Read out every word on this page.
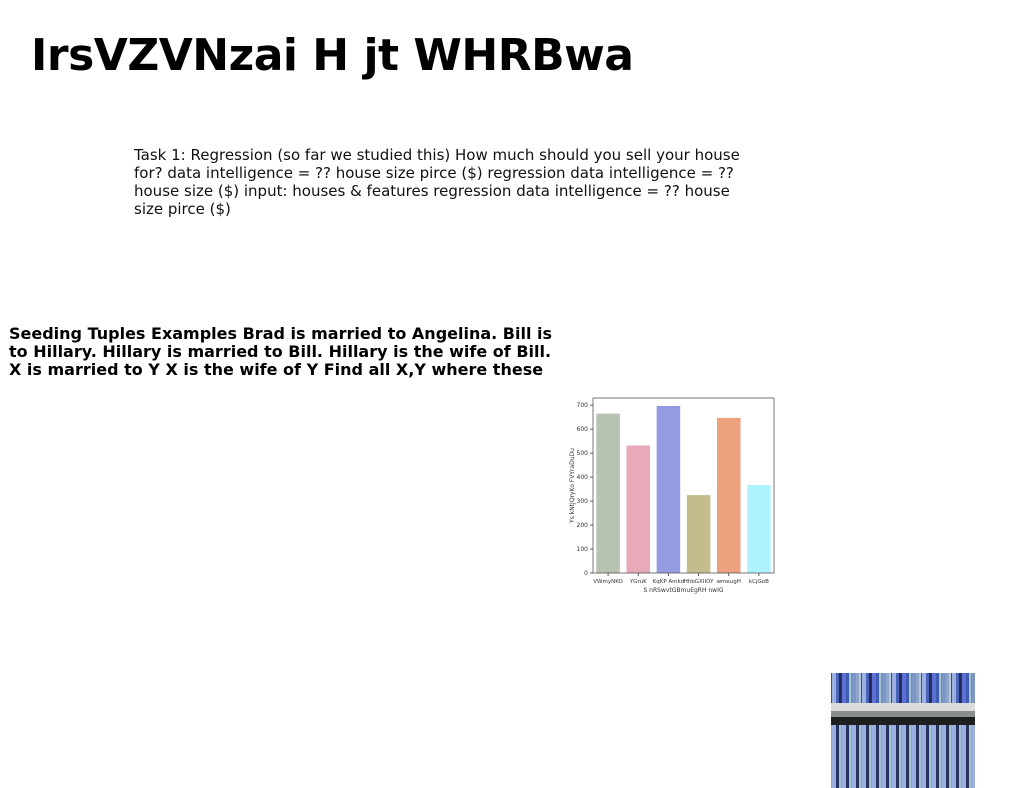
IrsVZVNzai H jt WHRBwa

Task 1: Regression (so far we studied this) How much should you sell your house for? data intelligence = ?? house size pirce ($) regression data intelligence = ?? house size ($) input: houses & features regression data intelligence = ?? house size pirce ($)

Seeding Tuples Examples Brad is married to Angelina. Bill is to Hillary. Hillary is married to Bill. Hillary is the wife of Bill. X is married to Y X is the wife of Y Find all X,Y where these

0
100
200
300
400
500
600
700
VWmyNKO YGruK KqKP Amkd HhbGXIIOY wmeugH kCjGoB
S nRSwvtGBmuEgRH nwIG
Ys kNtJQryKo FVYraDuDu
